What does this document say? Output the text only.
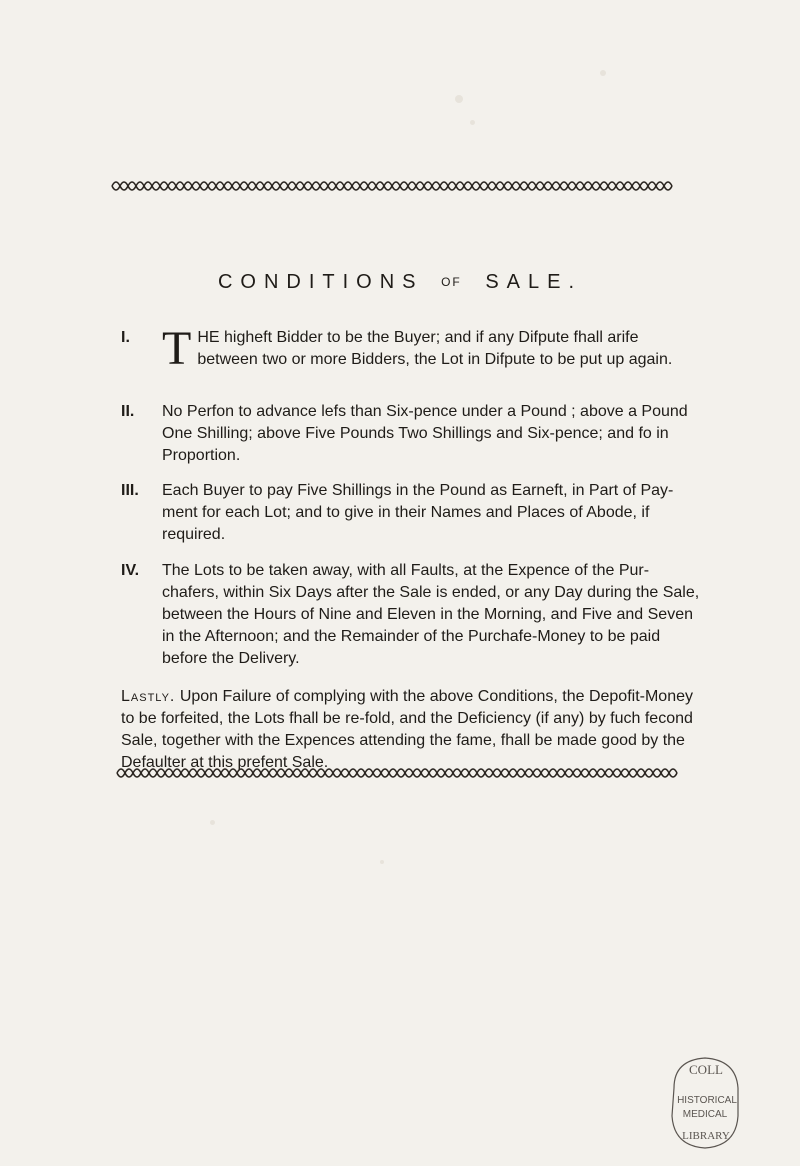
CONDITIONS OF SALE.
I. T HE higheft Bidder to be the Buyer; and if any Difpute fhall arife between two or more Bidders, the Lot in Difpute to be put up again.

II.	No Perfon to advance lefs than Six-pence under a Pound ; above a Pound One Shilling; above Five Pounds Two Shillings and Six-pence; and fo in Proportion.

III.	Each Buyer to pay Five Shillings in the Pound as Earneft, in Part of Pay-ment for each Lot; and to give in their Names and Places of Abode, if required.

IV.	The Lots to be taken away, with all Faults, at the Expence of the Pur-chafers, within Six Days after the Sale is ended, or any Day during the Sale, between the Hours of Nine and Eleven in the Morning, and Five and Seven in the Afternoon; and the Remainder of the Purchafe-Money to be paid before the Delivery.

Lastly. Upon Failure of complying with the above Conditions, the Depofit-Money to be forfeited, the Lots fhall be re-fold, and the Deficiency (if any) by fuch fecond Sale, together with the Expences attending the fame, fhall be made good by the Defaulter at this prefent Sale.

COLL
HISTORICAL
MEDICAL
LIBRARY
